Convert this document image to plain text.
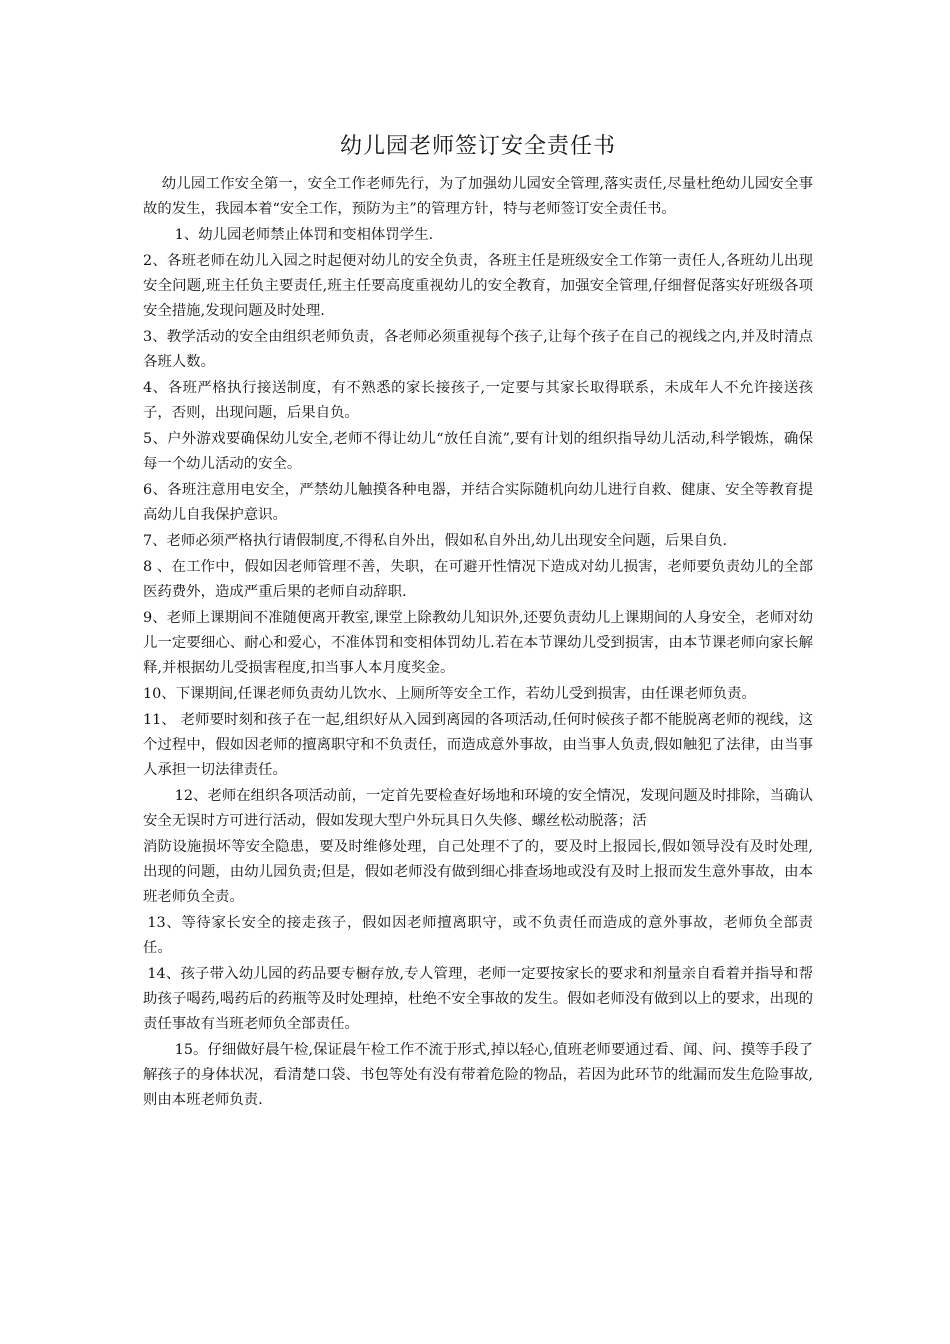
幼儿园老师签订安全责任书

幼儿园工作安全第一，安全工作老师先行，为了加强幼儿园安全管理,落实责任,尽量杜绝幼儿园安全事故的发生，我园本着“安全工作，预防为主”的管理方针，特与老师签订安全责任书。

1、幼儿园老师禁止体罚和变相体罚学生.

2、各班老师在幼儿入园之时起便对幼儿的安全负责，各班主任是班级安全工作第一责任人,各班幼儿出现安全问题,班主任负主要责任,班主任要高度重视幼儿的安全教育，加强安全管理,仔细督促落实好班级各项安全措施,发现问题及时处理.

3、教学活动的安全由组织老师负责，各老师必须重视每个孩子,让每个孩子在自己的视线之内,并及时清点各班人数。

4、各班严格执行接送制度，有不熟悉的家长接孩子,一定要与其家长取得联系，未成年人不允许接送孩子，否则，出现问题，后果自负。

5、户外游戏要确保幼儿安全,老师不得让幼儿“放任自流”,要有计划的组织指导幼儿活动,科学锻炼，确保每一个幼儿活动的安全。

6、各班注意用电安全，严禁幼儿触摸各种电器，并结合实际随机向幼儿进行自救、健康、安全等教育提高幼儿自我保护意识。

7、老师必须严格执行请假制度,不得私自外出，假如私自外出,幼儿出现安全问题，后果自负.

8 、在工作中，假如因老师管理不善，失职，在可避开性情况下造成对幼儿损害，老师要负责幼儿的全部医药费外，造成严重后果的老师自动辞职.

9、老师上课期间不准随便离开教室,课堂上除教幼儿知识外,还要负责幼儿上课期间的人身安全，老师对幼儿一定要细心、耐心和爱心，不准体罚和变相体罚幼儿.若在本节课幼儿受到损害，由本节课老师向家长解释,并根据幼儿受损害程度,扣当事人本月度奖金。

10、下课期间,任课老师负责幼儿饮水、上厕所等安全工作，若幼儿受到损害，由任课老师负责。

11、 老师要时刻和孩子在一起,组织好从入园到离园的各项活动,任何时候孩子都不能脱离老师的视线，这个过程中，假如因老师的擅离职守和不负责任，而造成意外事故，由当事人负责,假如触犯了法律，由当事人承担一切法律责任。

12、老师在组织各项活动前，一定首先要检查好场地和环境的安全情况，发现问题及时排除，当确认安全无误时方可进行活动，假如发现大型户外玩具日久失修、螺丝松动脱落；活

消防设施损坏等安全隐患，要及时维修处理，自己处理不了的，要及时上报园长,假如领导没有及时处理,出现的问题，由幼儿园负责;但是，假如老师没有做到细心排查场地或没有及时上报而发生意外事故，由本班老师负全责。

13、等待家长安全的接走孩子，假如因老师擅离职守，或不负责任而造成的意外事故，老师负全部责任。

14、孩子带入幼儿园的药品要专橱存放,专人管理，老师一定要按家长的要求和剂量亲自看着并指导和帮助孩子喝药,喝药后的药瓶等及时处理掉，杜绝不安全事故的发生。假如老师没有做到以上的要求，出现的责任事故有当班老师负全部责任。

15。仔细做好晨午检,保证晨午检工作不流于形式,掉以轻心,值班老师要通过看、闻、问、摸等手段了解孩子的身体状况，看清楚口袋、书包等处有没有带着危险的物品，若因为此环节的纰漏而发生危险事故,则由本班老师负责.
